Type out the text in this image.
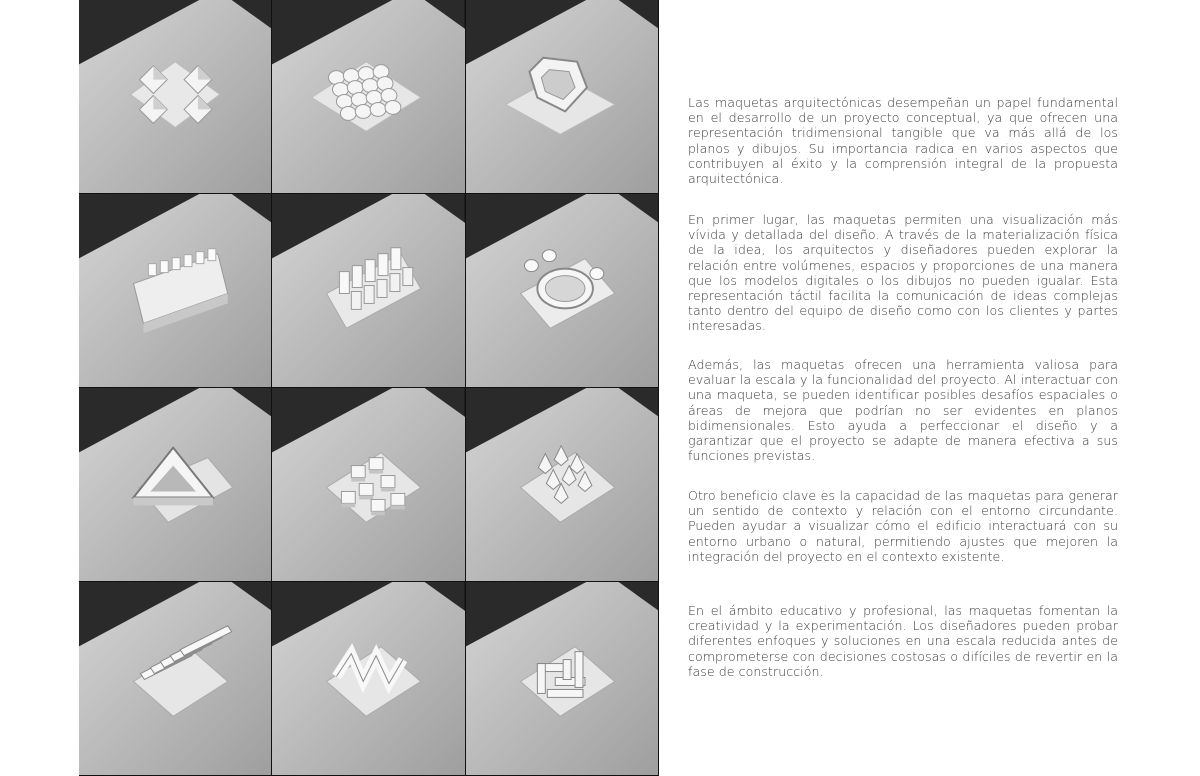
Las maquetas arquitectónicas desempeñan un papel fundamental en el desarrollo de un proyecto conceptual, ya que ofrecen una representación tridimensional tangible que va más allá de los planos y dibujos. Su importancia radica en varios aspectos que contribuyen al éxito y la comprensión integral de la propuesta arquitectónica.

En primer lugar, las maquetas permiten una visualización más vívida y detallada del diseño. A través de la materialización física de la idea, los arquitectos y diseñadores pueden explorar la relación entre volúmenes, espacios y proporciones de una manera que los modelos digitales o los dibujos no pueden igualar. Esta representación táctil facilita la comunicación de ideas complejas tanto dentro del equipo de diseño como con los clientes y partes interesadas.

Además, las maquetas ofrecen una herramienta valiosa para evaluar la escala y la funcionalidad del proyecto. Al interactuar con una maqueta, se pueden identificar posibles desafíos espaciales o áreas de mejora que podrían no ser evidentes en planos bidimensionales. Esto ayuda a perfeccionar el diseño y a garantizar que el proyecto se adapte de manera efectiva a sus funciones previstas.

Otro beneficio clave es la capacidad de las maquetas para generar un sentido de contexto y relación con el entorno circundante. Pueden ayudar a visualizar cómo el edificio interactuará con su entorno urbano o natural, permitiendo ajustes que mejoren la integración del proyecto en el contexto existente.

En el ámbito educativo y profesional, las maquetas fomentan la creatividad y la experimentación. Los diseñadores pueden probar diferentes enfoques y soluciones en una escala reducida antes de comprometerse con decisiones costosas o difíciles de revertir en la fase de construcción.
